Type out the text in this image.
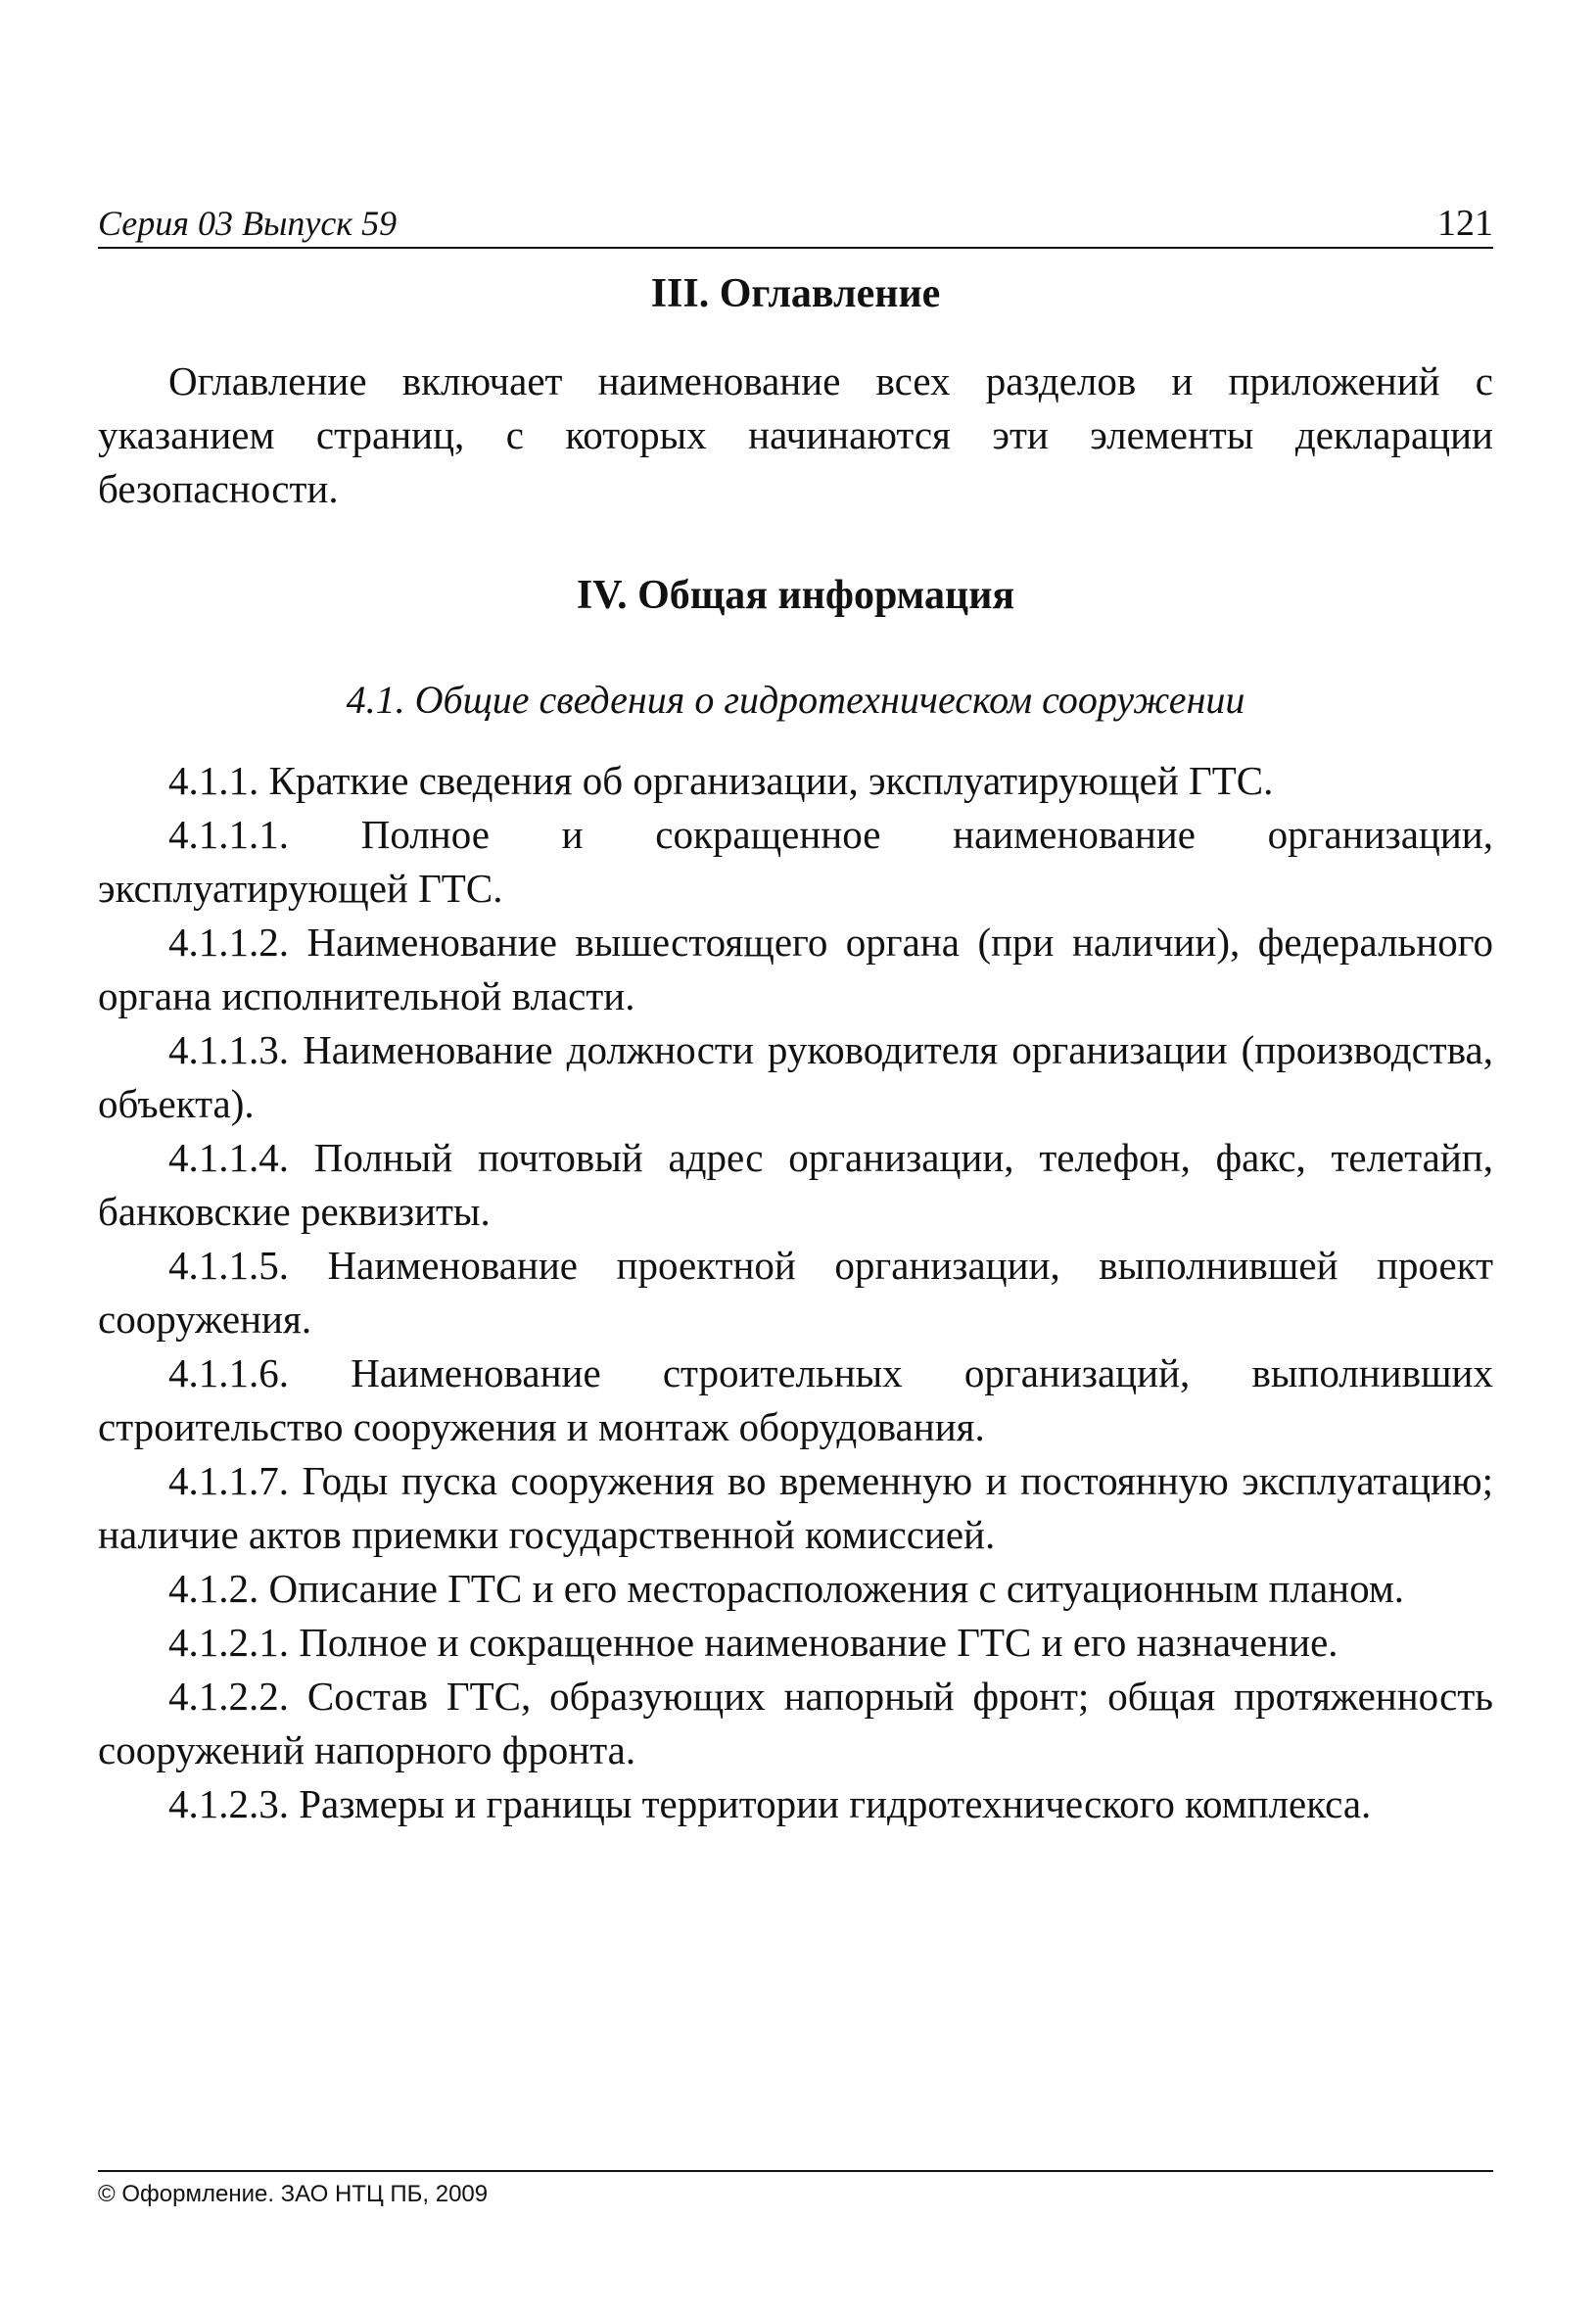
Серия 03 Выпуск 59	121
III. Оглавление

Оглавление включает наименование всех разделов и приложений с указанием страниц, с которых начинаются эти элементы декларации безопасности.

IV. Общая информация
4.1. Общие сведения о гидротехническом сооружении

4.1.1. Краткие сведения об организации, эксплуатирующей ГТС.

4.1.1.1. Полное и сокращенное наименование организации, эксплуатирующей ГТС.

4.1.1.2. Наименование вышестоящего органа (при наличии), федерального органа исполнительной власти.

4.1.1.3. Наименование должности руководителя организации (производства, объекта).

4.1.1.4. Полный почтовый адрес организации, телефон, факс, телетайп, банковские реквизиты.

4.1.1.5. Наименование проектной организации, выполнившей проект сооружения.

4.1.1.6. Наименование строительных организаций, выполнивших строительство сооружения и монтаж оборудования.

4.1.1.7. Годы пуска сооружения во временную и постоянную эксплуатацию; наличие актов приемки государственной комиссией.

4.1.2. Описание ГТС и его месторасположения с ситуационным планом.

4.1.2.1. Полное и сокращенное наименование ГТС и его назначение.

4.1.2.2. Состав ГТС, образующих напорный фронт; общая протяженность сооружений напорного фронта.

4.1.2.3. Размеры и границы территории гидротехнического комплекса.

© Оформление. ЗАО НТЦ ПБ, 2009
